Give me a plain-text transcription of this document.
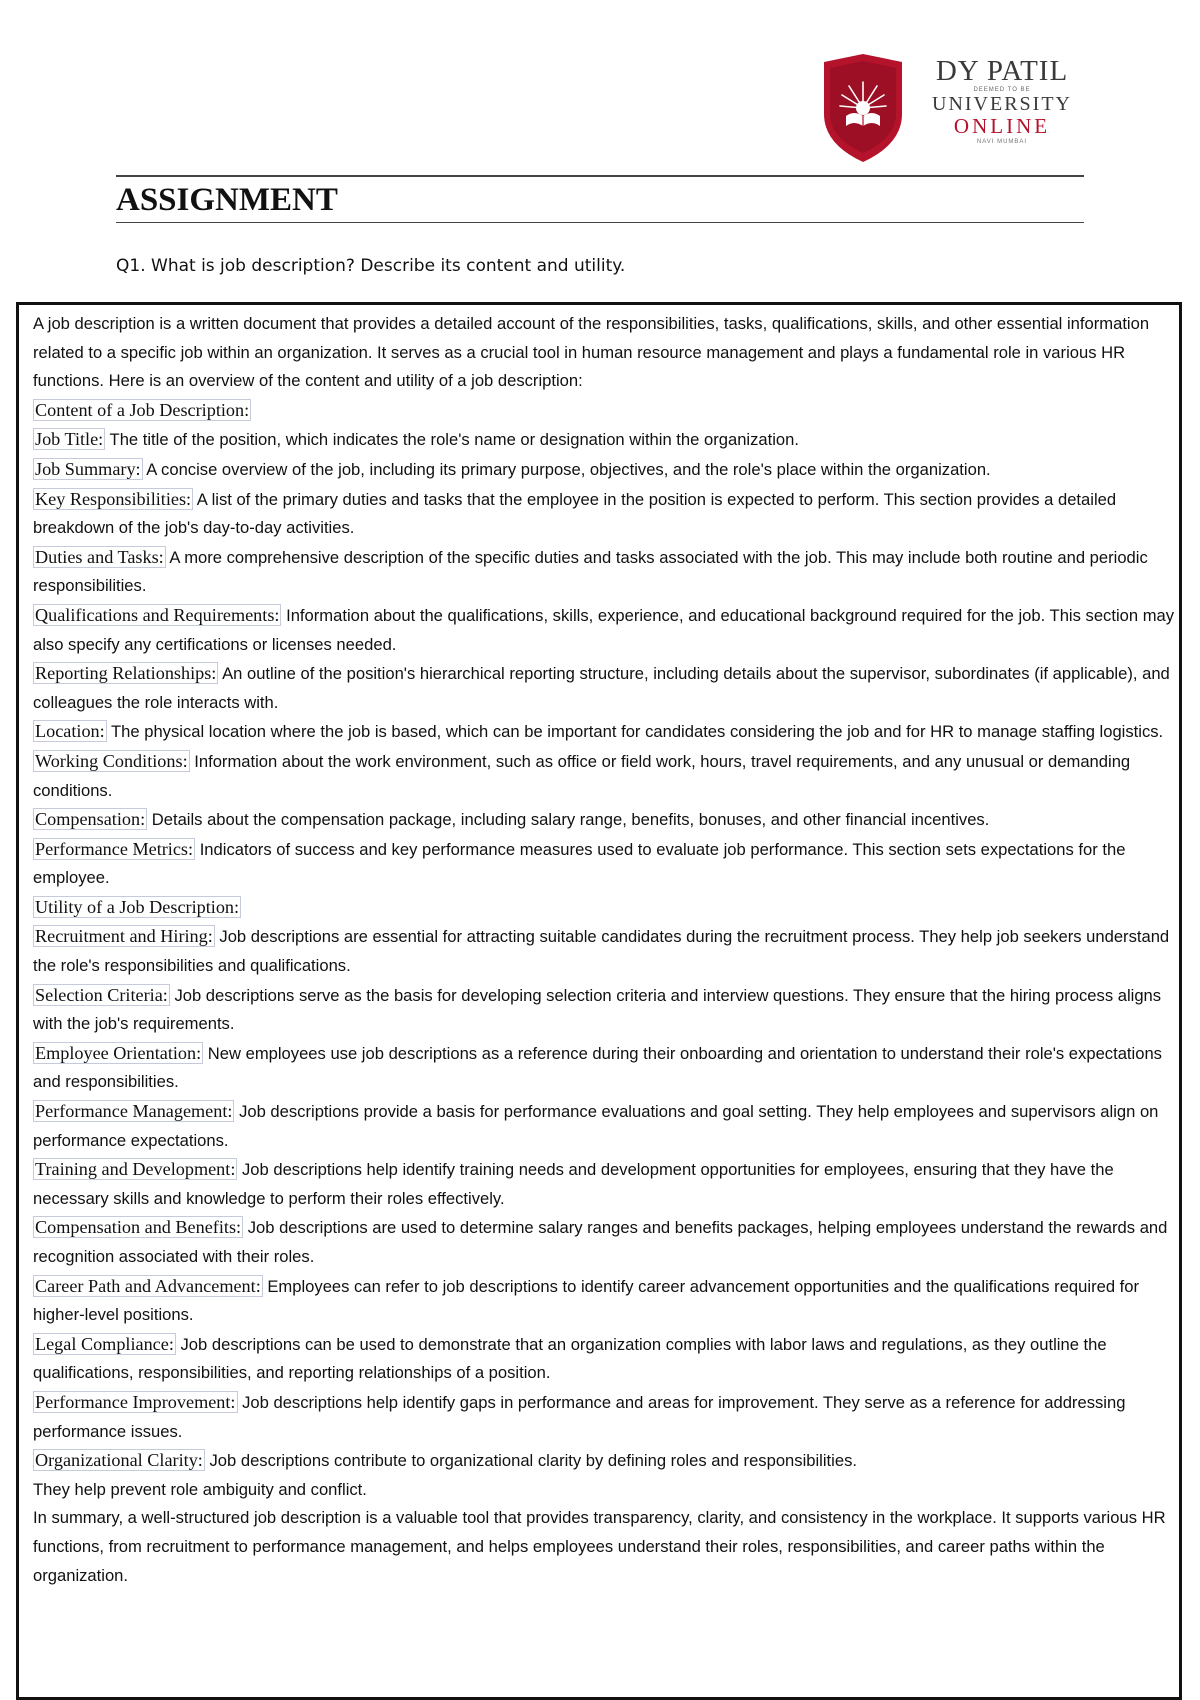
DY PATIL
DEEMED TO BE
UNIVERSITY
ONLINE
NAVI MUMBAI
ASSIGNMENT
Q1. What is job description? Describe its content and utility.

A job description is a written document that provides a detailed account of the responsibilities, tasks, qualifications, skills, and other essential information related to a specific job within an organization. It serves as a crucial tool in human resource management and plays a fundamental role in various HR functions. Here is an overview of the content and utility of a job description:

Content of a Job Description:

Job Title: The title of the position, which indicates the role's name or designation within the organization.

Job Summary: A concise overview of the job, including its primary purpose, objectives, and the role's place within the organization.

Key Responsibilities: A list of the primary duties and tasks that the employee in the position is expected to perform. This section provides a detailed breakdown of the job's day-to-day activities.

Duties and Tasks: A more comprehensive description of the specific duties and tasks associated with the job. This may include both routine and periodic responsibilities.

Qualifications and Requirements: Information about the qualifications, skills, experience, and educational background required for the job. This section may also specify any certifications or licenses needed.

Reporting Relationships: An outline of the position's hierarchical reporting structure, including details about the supervisor, subordinates (if applicable), and colleagues the role interacts with.

Location: The physical location where the job is based, which can be important for candidates considering the job and for HR to manage staffing logistics.

Working Conditions: Information about the work environment, such as office or field work, hours, travel requirements, and any unusual or demanding conditions.

Compensation: Details about the compensation package, including salary range, benefits, bonuses, and other financial incentives.

Performance Metrics: Indicators of success and key performance measures used to evaluate job performance. This section sets expectations for the employee.

Utility of a Job Description:

Recruitment and Hiring: Job descriptions are essential for attracting suitable candidates during the recruitment process. They help job seekers understand the role's responsibilities and qualifications.

Selection Criteria: Job descriptions serve as the basis for developing selection criteria and interview questions. They ensure that the hiring process aligns with the job's requirements.

Employee Orientation: New employees use job descriptions as a reference during their onboarding and orientation to understand their role's expectations and responsibilities.

Performance Management: Job descriptions provide a basis for performance evaluations and goal setting. They help employees and supervisors align on performance expectations.

Training and Development: Job descriptions help identify training needs and development opportunities for employees, ensuring that they have the necessary skills and knowledge to perform their roles effectively.

Compensation and Benefits: Job descriptions are used to determine salary ranges and benefits packages, helping employees understand the rewards and recognition associated with their roles.

Career Path and Advancement: Employees can refer to job descriptions to identify career advancement opportunities and the qualifications required for higher-level positions.

Legal Compliance: Job descriptions can be used to demonstrate that an organization complies with labor laws and regulations, as they outline the qualifications, responsibilities, and reporting relationships of a position.

Performance Improvement: Job descriptions help identify gaps in performance and areas for improvement. They serve as a reference for addressing performance issues.

Organizational Clarity: Job descriptions contribute to organizational clarity by defining roles and responsibilities.

They help prevent role ambiguity and conflict.

In summary, a well-structured job description is a valuable tool that provides transparency, clarity, and consistency in the workplace. It supports various HR functions, from recruitment to performance management, and helps employees understand their roles, responsibilities, and career paths within the organization.
